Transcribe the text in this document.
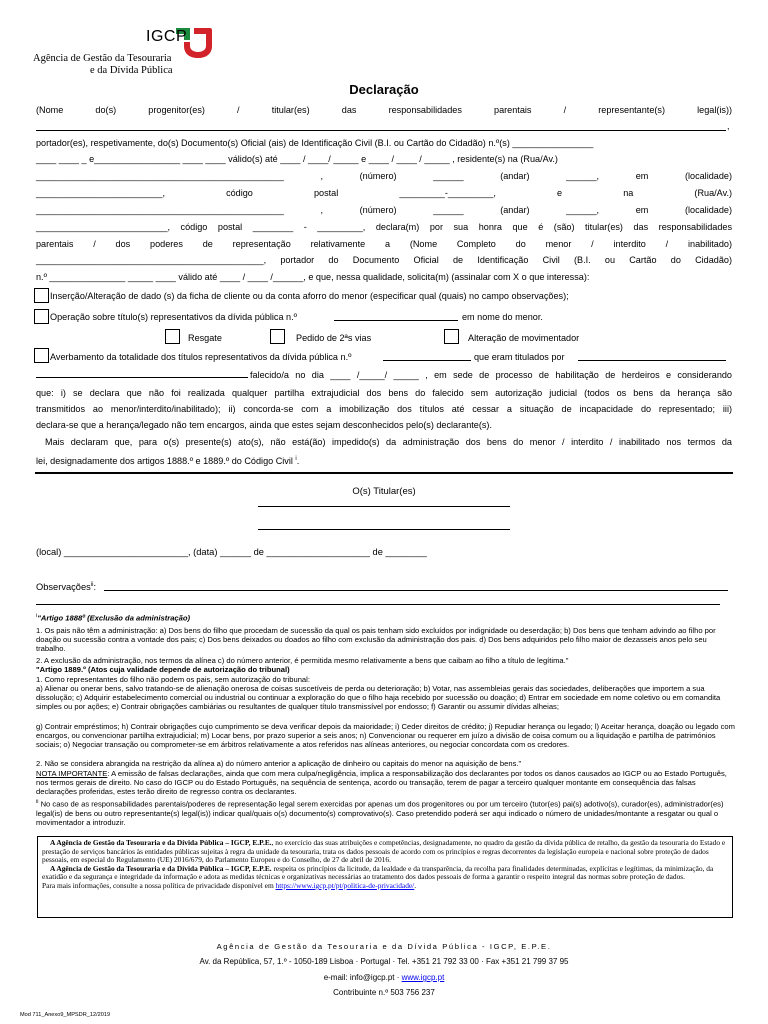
IGCP
Agência de Gestão da Tesouraria
e da Dívida Pública
Declaração
(Nome do(s) progenitor(es) / titular(es) das responsabilidades parentais / representante(s) legal(is))
,
portador(es), respetivamente, do(s) Documento(s) Oficial (ais) de Identificação Civil (B.I. ou Cartão do Cidadão) n.º(s) ________________
____ ____ _ e_________________ ____ ____ válido(s) até ____ / ____/ _____ e ____ / ____ / _____ , residente(s) na (Rua/Av.)
_________________________________________________ , (número) ______ (andar) ______, em (localidade)
_________________________, código postal _________-_________, e na (Rua/Av.)
_________________________________________________ , (número) ______ (andar) ______, em (localidade)
__________________________, código postal ________ - _________, declara(m) por sua honra que é (são) titular(es) das responsabilidades
parentais / dos poderes de representação relativamente a (Nome Completo do menor / interdito / inabilitado)
_____________________________________________, portador do Documento Oficial de Identificação Civil (B.I. ou Cartão do Cidadão)
n.º _______________ _____ ____ válido até ____ / ____ /______, e que, nessa qualidade, solicita(m) (assinalar com X o que interessa):
Inserção/Alteração de dado (s) da ficha de cliente ou da conta aforro do menor (especificar qual (quais) no campo observações);
Operação sobre título(s) representativos da dívida pública n.º	em nome do menor.
Resgate	Pedido de 2ªs vias	Alteração de movimentador
Averbamento da totalidade dos títulos representativos da dívida pública n.º	que eram titulados por
falecido/a no dia ____ /_____/ _____ , em sede de processo de habilitação de herdeiros e considerando
que: i) se declara que não foi realizada qualquer partilha extrajudicial dos bens do falecido sem autorização judicial (todos os bens da herança são
transmitidos ao menor/interdito/inabilitado); ii) concorda-se com a imobilização dos títulos até cessar a situação de incapacidade do representado; iii)
declara-se que a herança/legado não tem encargos, ainda que estes sejam desconhecidos pelo(s) declarante(s).
Mais declaram que, para o(s) presente(s) ato(s), não está(ão) impedido(s) da administração dos bens do menor / interdito / inabilitado nos termos da
lei, designadamente dos artigos 1888.º e 1889.º do Código Civil $^i$.
O(s) Titular(es)
(local) ________________________, (data) ______ de ____________________ de ________
Observações$^{ii}$:
$^i$"Artigo 1888º (Exclusão da administração)
1. Os pais não têm a administração: a) Dos bens do filho que procedam de sucessão da qual os pais tenham sido excluídos por indignidade ou deserdação; b) Dos bens que tenham advindo ao filho por doação ou sucessão contra a vontade dos pais; c) Dos bens deixados ou doados ao filho com exclusão da administração dos pais. d) Dos bens adquiridos pelo filho maior de dezasseis anos pelo seu trabalho.
2. A exclusão da administração, nos termos da alínea c) do número anterior, é permitida mesmo relativamente a bens que caibam ao filho a título de legítima."
"Artigo 1889.º (Atos cuja validade depende de autorização do tribunal)
1. Como representantes do filho não podem os pais, sem autorização do tribunal:
a) Alienar ou onerar bens, salvo tratando-se de alienação onerosa de coisas suscetíveis de perda ou deterioração; b) Votar, nas assembleias gerais das sociedades, deliberações que importem a sua dissolução; c) Adquirir estabelecimento comercial ou industrial ou continuar a exploração do que o filho haja recebido por sucessão ou doação; d) Entrar em sociedade em nome coletivo ou em comandita simples ou por ações; e) Contrair obrigações cambiárias ou resultantes de qualquer título transmissível por endosso; f) Garantir ou assumir dívidas alheias;
g) Contrair empréstimos; h) Contrair obrigações cujo cumprimento se deva verificar depois da maioridade; i) Ceder direitos de crédito; j) Repudiar herança ou legado; l) Aceitar herança, doação ou legado com encargos, ou convencionar partilha extrajudicial; m) Locar bens, por prazo superior a seis anos; n) Convencionar ou requerer em juízo a divisão de coisa comum ou a liquidação e partilha de patrimónios sociais; o) Negociar transação ou comprometer-se em árbitros relativamente a atos referidos nas alíneas anteriores, ou negociar concordata com os credores.
2. Não se considera abrangida na restrição da alínea a) do número anterior a aplicação de dinheiro ou capitais do menor na aquisição de bens."
NOTA IMPORTANTE: A emissão de falsas declarações, ainda que com mera culpa/negligência, implica a responsabilização dos declarantes por todos os danos causados ao IGCP ou ao Estado Português, nos termos gerais de direito. No caso do IGCP ou do Estado Português, na sequência de sentença, acordo ou transação, terem de pagar a terceiro qualquer montante em consequência das falsas declarações proferidas, estes terão direito de regresso contra os declarantes.
$^{ii}$ No caso de as responsabilidades parentais/poderes de representação legal serem exercidas por apenas um dos progenitores ou por um terceiro (tutor(es) pai(s) adotivo(s), curador(es), administrador(es) legal(is) de bens ou outro representante(s) legal(is)) indicar qual/quais o(s) documento(s) comprovativo(s). Caso pretendido poderá ser aqui indicado o número de unidades/montante a resgatar ou qual o movimentador a introduzir.

A Agência de Gestão da Tesouraria e da Dívida Pública – IGCP, E.P.E., no exercício das suas atribuições e competências, designadamente, no quadro da gestão da dívida pública de retalho, da gestão da tesouraria do Estado e prestação de serviços bancários às entidades públicas sujeitas à regra da unidade da tesouraria, trata os dados pessoais de acordo com os princípios e regras decorrentes da legislação europeia e nacional sobre proteção de dados pessoais, em especial do Regulamento (UE) 2016/679, do Parlamento Europeu e do Conselho, de 27 de abril de 2016.

A Agência de Gestão da Tesouraria e da Dívida Pública – IGCP, E.P.E. respeita os princípios da licitude, da lealdade e da transparência, da recolha para finalidades determinadas, explícitas e legítimas, da minimização, da exatidão e da segurança e integridade da informação e adota as medidas técnicas e organizativas necessárias ao tratamento dos dados pessoais de forma a garantir o respeito integral das normas sobre proteção de dados.

Para mais informações, consulte a nossa política de privacidade disponível em https://www.igcp.pt/pt/politica-de-privacidade/.

Agência de Gestão da Tesouraria e da Dívida Pública - IGCP, E.P.E.
Av. da República, 57, 1.º - 1050-189 Lisboa · Portugal · Tel. +351 21 792 33 00 · Fax +351 21 799 37 95
e-mail: info@igcp.pt · www.igcp.pt
Contribuinte n.º 503 756 237
Mod 711_Anexo9_MPSDR_12/2019
